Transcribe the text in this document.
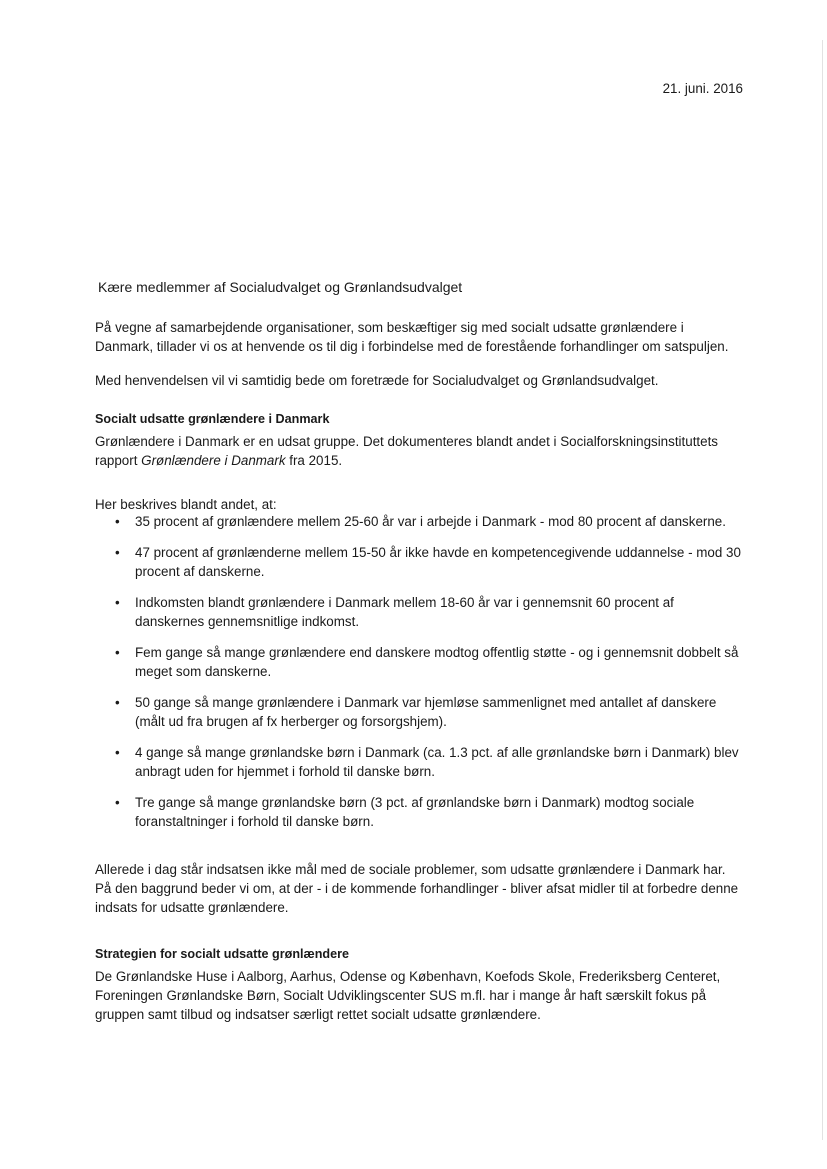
21. juni. 2016
Kære medlemmer af Socialudvalget og Grønlandsudvalget

På vegne af samarbejdende organisationer, som beskæftiger sig med socialt udsatte grønlændere i Danmark, tillader vi os at henvende os til dig i forbindelse med de forestående forhandlinger om satspuljen.

Med henvendelsen vil vi samtidig bede om foretræde for Socialudvalget og Grønlandsudvalget.

Socialt udsatte grønlændere i Danmark

Grønlændere i Danmark er en udsat gruppe. Det dokumenteres blandt andet i Socialforskningsinstituttets rapport Grønlændere i Danmark fra 2015.

Her beskrives blandt andet, at:

• 35 procent af grønlændere mellem 25-60 år var i arbejde i Danmark - mod 80 procent af danskerne.
• 47 procent af grønlænderne mellem 15-50 år ikke havde en kompetencegivende uddannelse - mod 30 procent af danskerne.
• Indkomsten blandt grønlændere i Danmark mellem 18-60 år var i gennemsnit 60 procent af danskernes gennemsnitlige indkomst.
• Fem gange så mange grønlændere end danskere modtog offentlig støtte - og i gennemsnit dobbelt så meget som danskerne.
• 50 gange så mange grønlændere i Danmark var hjemløse sammenlignet med antallet af danskere (målt ud fra brugen af fx herberger og forsorgshjem).
• 4 gange så mange grønlandske børn i Danmark (ca. 1.3 pct. af alle grønlandske børn i Danmark) blev anbragt uden for hjemmet i forhold til danske børn.
• Tre gange så mange grønlandske børn (3 pct. af grønlandske børn i Danmark) modtog sociale foranstaltninger i forhold til danske børn.

Allerede i dag står indsatsen ikke mål med de sociale problemer, som udsatte grønlændere i Danmark har. På den baggrund beder vi om, at der - i de kommende forhandlinger - bliver afsat midler til at forbedre denne indsats for udsatte grønlændere.

Strategien for socialt udsatte grønlændere

De Grønlandske Huse i Aalborg, Aarhus, Odense og København, Koefods Skole, Frederiksberg Centeret, Foreningen Grønlandske Børn, Socialt Udviklingscenter SUS m.fl. har i mange år haft særskilt fokus på gruppen samt tilbud og indsatser særligt rettet socialt udsatte grønlændere.
